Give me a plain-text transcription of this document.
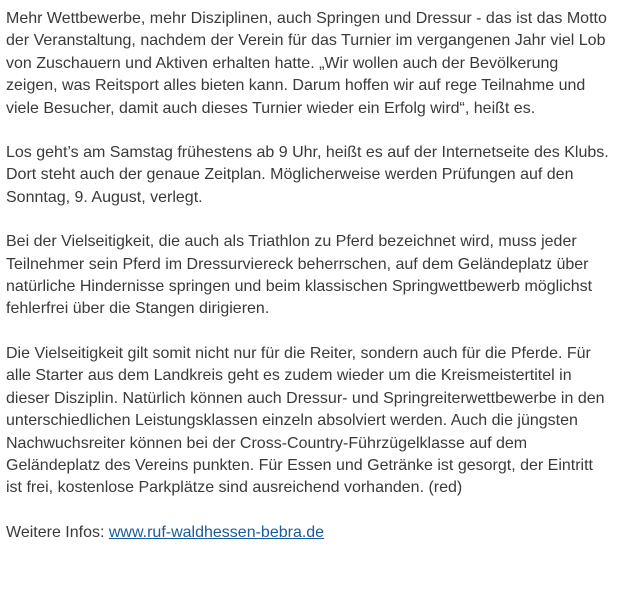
Mehr Wettbewerbe, mehr Disziplinen, auch Springen und Dressur - das ist das Motto der Veranstaltung, nachdem der Verein für das Turnier im vergangenen Jahr viel Lob von Zuschauern und Aktiven erhalten hatte. „Wir wollen auch der Bevölkerung zeigen, was Reitsport alles bieten kann. Darum hoffen wir auf rege Teilnahme und viele Besucher, damit auch dieses Turnier wieder ein Erfolg wird“, heißt es.

Los geht’s am Samstag frühestens ab 9 Uhr, heißt es auf der Internetseite des Klubs. Dort steht auch der genaue Zeitplan. Möglicherweise werden Prüfungen auf den Sonntag, 9. August, verlegt.

Bei der Vielseitigkeit, die auch als Triathlon zu Pferd bezeichnet wird, muss jeder Teilnehmer sein Pferd im Dressurviereck beherrschen, auf dem Geländeplatz über natürliche Hindernisse springen und beim klassischen Springwettbewerb möglichst fehlerfrei über die Stangen dirigieren.

Die Vielseitigkeit gilt somit nicht nur für die Reiter, sondern auch für die Pferde. Für alle Starter aus dem Landkreis geht es zudem wieder um die Kreismeistertitel in dieser Disziplin. Natürlich können auch Dressur- und Springreiterwettbewerbe in den unterschiedlichen Leistungsklassen einzeln absolviert werden. Auch die jüngsten Nachwuchsreiter können bei der Cross-Country-Führzügelklasse auf dem Geländeplatz des Vereins punkten. Für Essen und Getränke ist gesorgt, der Eintritt ist frei, kostenlose Parkplätze sind ausreichend vorhanden. (red)

Weitere Infos: www.ruf-waldhessen-bebra.de
